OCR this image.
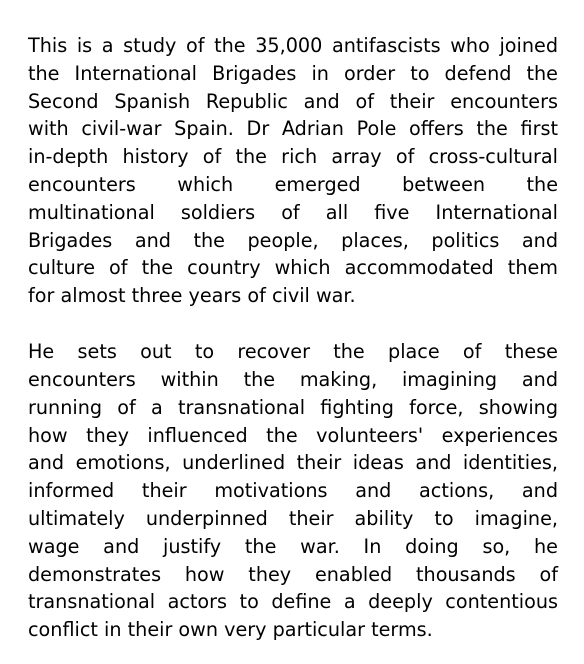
This is a study of the 35,000 antifascists who joined
the International Brigades in order to defend the
Second Spanish Republic and of their encounters
with civil-war Spain. Dr Adrian Pole offers the first
in-depth history of the rich array of cross-cultural
encounters which emerged between the
multinational soldiers of all five International
Brigades and the people, places, politics and
culture of the country which accommodated them
for almost three years of civil war.
He sets out to recover the place of these
encounters within the making, imagining and
running of a transnational fighting force, showing
how they influenced the volunteers' experiences
and emotions, underlined their ideas and identities,
informed their motivations and actions, and
ultimately underpinned their ability to imagine,
wage and justify the war. In doing so, he
demonstrates how they enabled thousands of
transnational actors to define a deeply contentious
conflict in their own very particular terms.
